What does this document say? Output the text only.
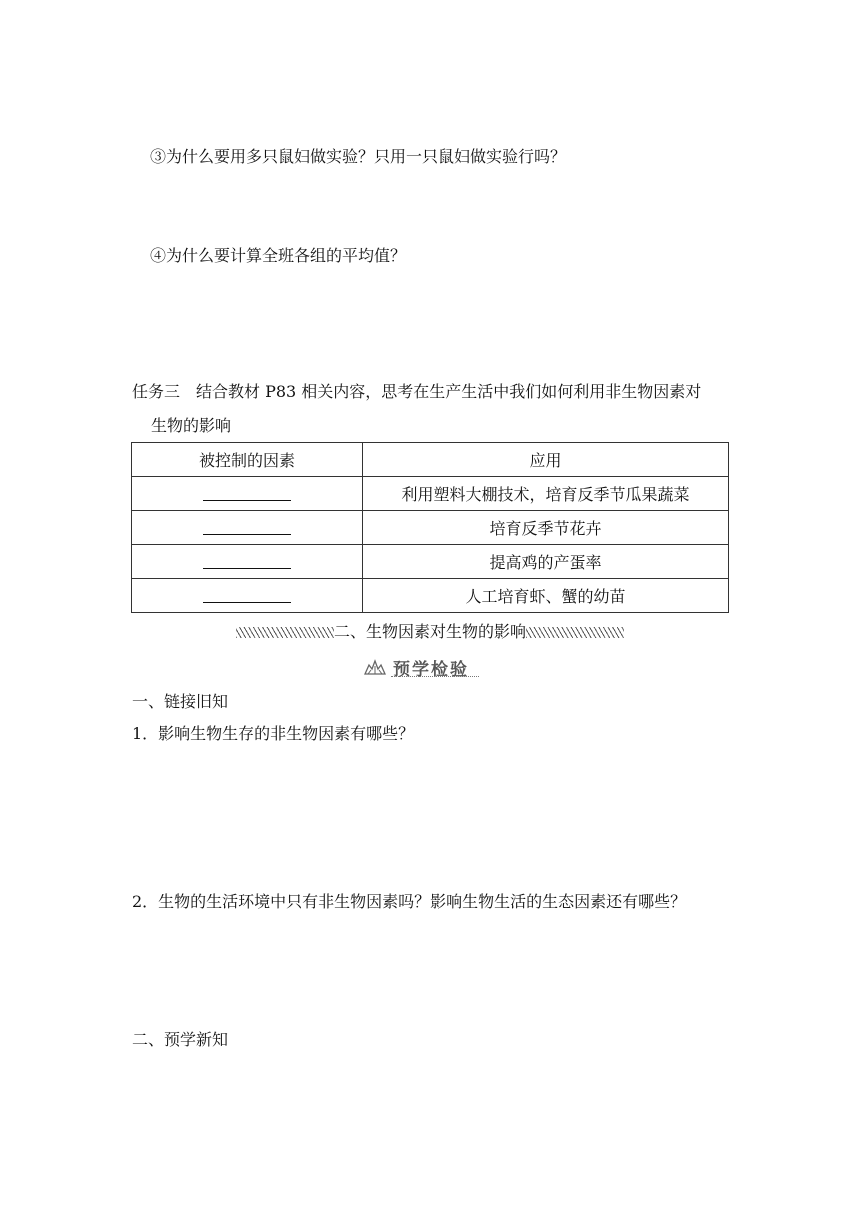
③为什么要用多只鼠妇做实验？只用一只鼠妇做实验行吗？
④为什么要计算全班各组的平均值？
任务三　结合教材 P83 相关内容，思考在生产生活中我们如何利用非生物因素对
生物的影响
被控制的因素	应用
	利用塑料大棚技术，培育反季节瓜果蔬菜
	培育反季节花卉
	提高鸡的产蛋率
	人工培育虾、蟹的幼苗
二、生物因素对生物的影响
预学检验
一、链接旧知
1．影响生物生存的非生物因素有哪些？
2．生物的生活环境中只有非生物因素吗？影响生物生活的生态因素还有哪些？
二、预学新知
